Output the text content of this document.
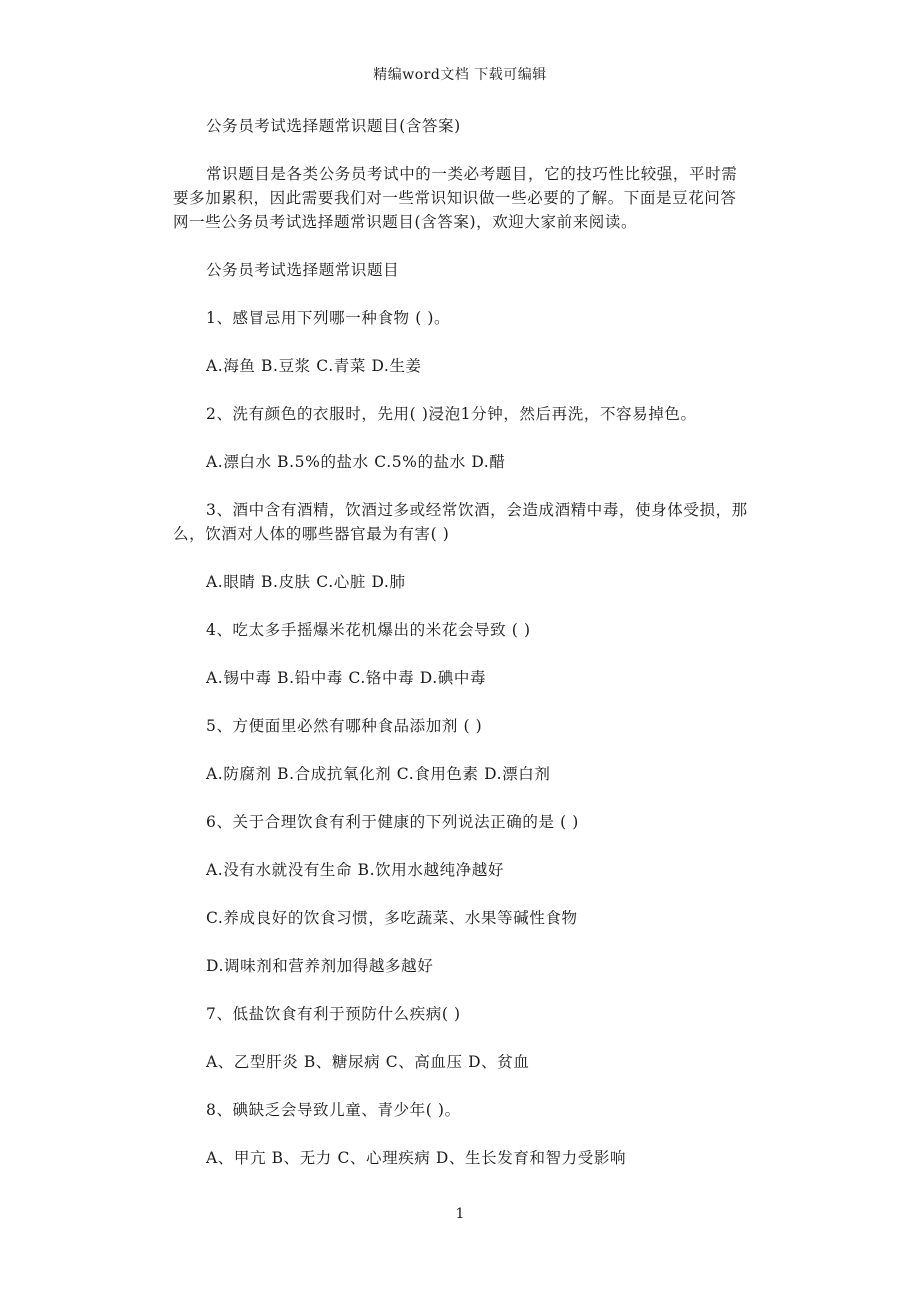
精编word文档 下载可编辑

公务员考试选择题常识题目(含答案)

常识题目是各类公务员考试中的一类必考题目，它的技巧性比较强，平时需要多加累积，因此需要我们对一些常识知识做一些必要的了解。下面是豆花问答网一些公务员考试选择题常识题目(含答案)，欢迎大家前来阅读。

公务员考试选择题常识题目

1、感冒忌用下列哪一种食物 ( )。

A.海鱼 B.豆浆 C.青菜 D.生姜

2、洗有颜色的衣服时，先用( )浸泡1分钟，然后再洗，不容易掉色。

A.漂白水 B.5%的盐水 C.5%的盐水 D.醋

3、酒中含有酒精，饮酒过多或经常饮酒，会造成酒精中毒，使身体受损，那么，饮酒对人体的哪些器官最为有害( )

A.眼睛 B.皮肤 C.心脏 D.肺

4、吃太多手摇爆米花机爆出的米花会导致 ( )

A.锡中毒 B.铅中毒 C.铬中毒 D.碘中毒

5、方便面里必然有哪种食品添加剂 ( )

A.防腐剂 B.合成抗氧化剂 C.食用色素 D.漂白剂

6、关于合理饮食有利于健康的下列说法正确的是 ( )

A.没有水就没有生命 B.饮用水越纯净越好

C.养成良好的饮食习惯，多吃蔬菜、水果等碱性食物

D.调味剂和营养剂加得越多越好

7、低盐饮食有利于预防什么疾病( )

A、乙型肝炎 B、糖尿病 C、高血压 D、贫血

8、碘缺乏会导致儿童、青少年( )。

A、甲亢 B、无力 C、心理疾病 D、生长发育和智力受影响

1
